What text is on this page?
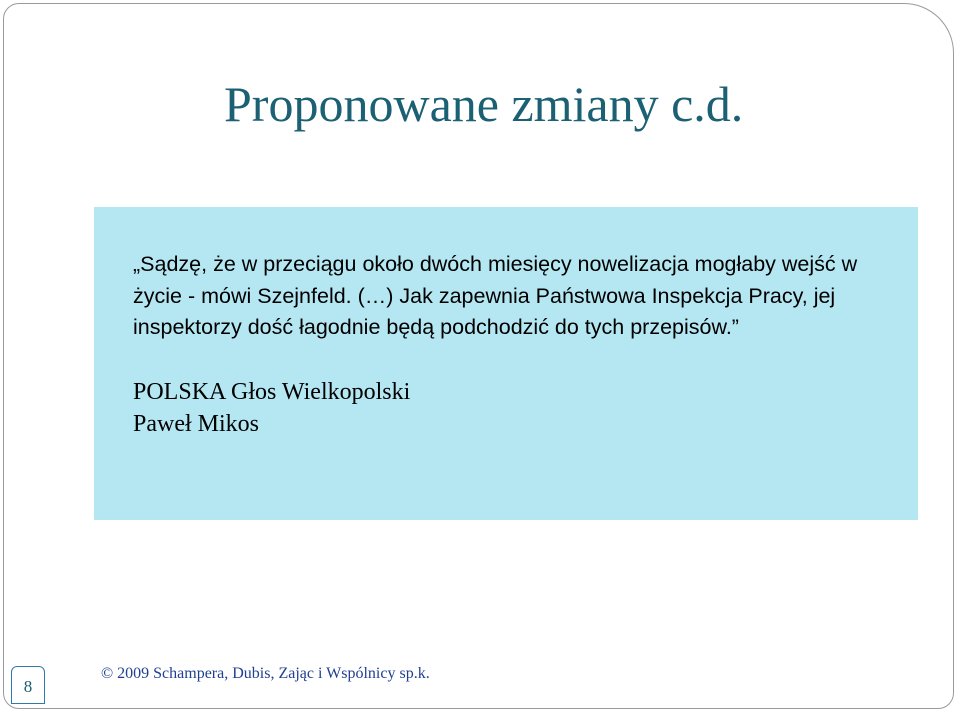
Proponowane zmiany c.d.

„Sądzę, że w przeciągu około dwóch miesięcy nowelizacja mogłaby wejść w życie - mówi Szejnfeld. (…) Jak zapewnia Państwowa Inspekcja Pracy, jej inspektorzy dość łagodnie będą podchodzić do tych przepisów.”

POLSKA Głos Wielkopolski
Paweł Mikos
8
© 2009 Schampera, Dubis, Zając i Wspólnicy sp.k.
